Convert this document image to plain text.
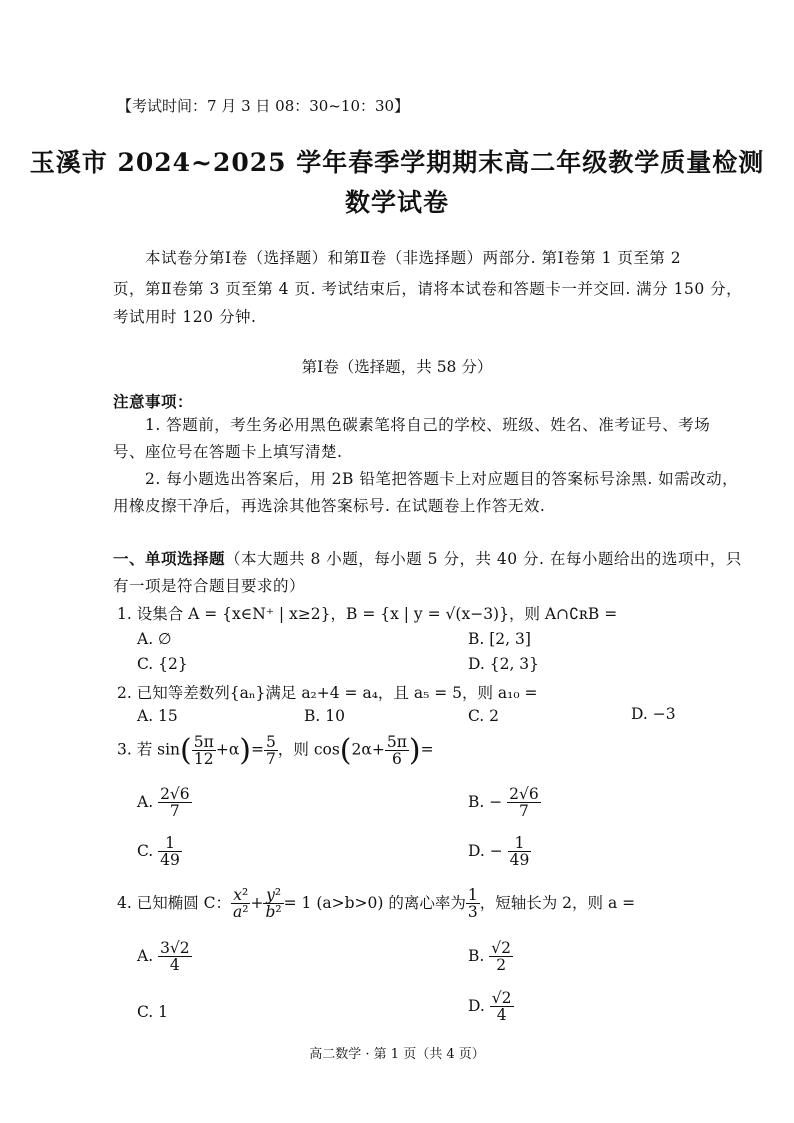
【考试时间：7 月 3 日 08：30~10：30】
玉溪市 2024~2025 学年春季学期期末高二年级教学质量检测
数学试卷
本试卷分第Ⅰ卷（选择题）和第Ⅱ卷（非选择题）两部分. 第Ⅰ卷第 1 页至第 2
页，第Ⅱ卷第 3 页至第 4 页. 考试结束后，请将本试卷和答题卡一并交回. 满分 150 分，
考试用时 120 分钟.
第Ⅰ卷（选择题，共 58 分）
注意事项：
1. 答题前，考生务必用黑色碳素笔将自己的学校、班级、姓名、准考证号、考场
号、座位号在答题卡上填写清楚.
2. 每小题选出答案后，用 2B 铅笔把答题卡上对应题目的答案标号涂黑. 如需改动，
用橡皮擦干净后，再选涂其他答案标号. 在试题卷上作答无效.
一、单项选择题（本大题共 8 小题，每小题 5 分，共 40 分. 在每小题给出的选项中，只
有一项是符合题目要求的）
1. 设集合 A = {x∈N⁺ | x≥2}，B = {x | y = √(x−3)}，则 A∩∁ʀB =
A. ∅	B. [2, 3]
C. {2}	D. {2, 3}
2. 已知等差数列{aₙ}满足 a₂+4 = a₄，且 a₅ = 5，则 a₁₀ =
A. 15	B. 10	C. 2	D. −3
3. 若 $\sin( \frac{5\pi}{12} +\alpha)= \frac{5}{7}$ ，则 $\cos(2\alpha+ \frac{5\pi}{6}$ )=
A. $\frac{2√6}{7}$	B. − $\frac{2√6}{7}$
C. $\frac{1}{49}$	D. − $\frac{1}{49}$
4. 已知椭圆 C： $\frac{\text{x²}}{\text{a²}} + \frac{\text{y²}}{\text{b²}} = 1$ (a>b>0) 的离心率为 $\frac{1}{3}$ ，短轴长为 2，则 a =
A. $\frac{3√2}{4}$	B. $\frac{√2}{2}$
C. 1	D. $\frac{√2}{4}$
高二数学 · 第 1 页（共 4 页）
